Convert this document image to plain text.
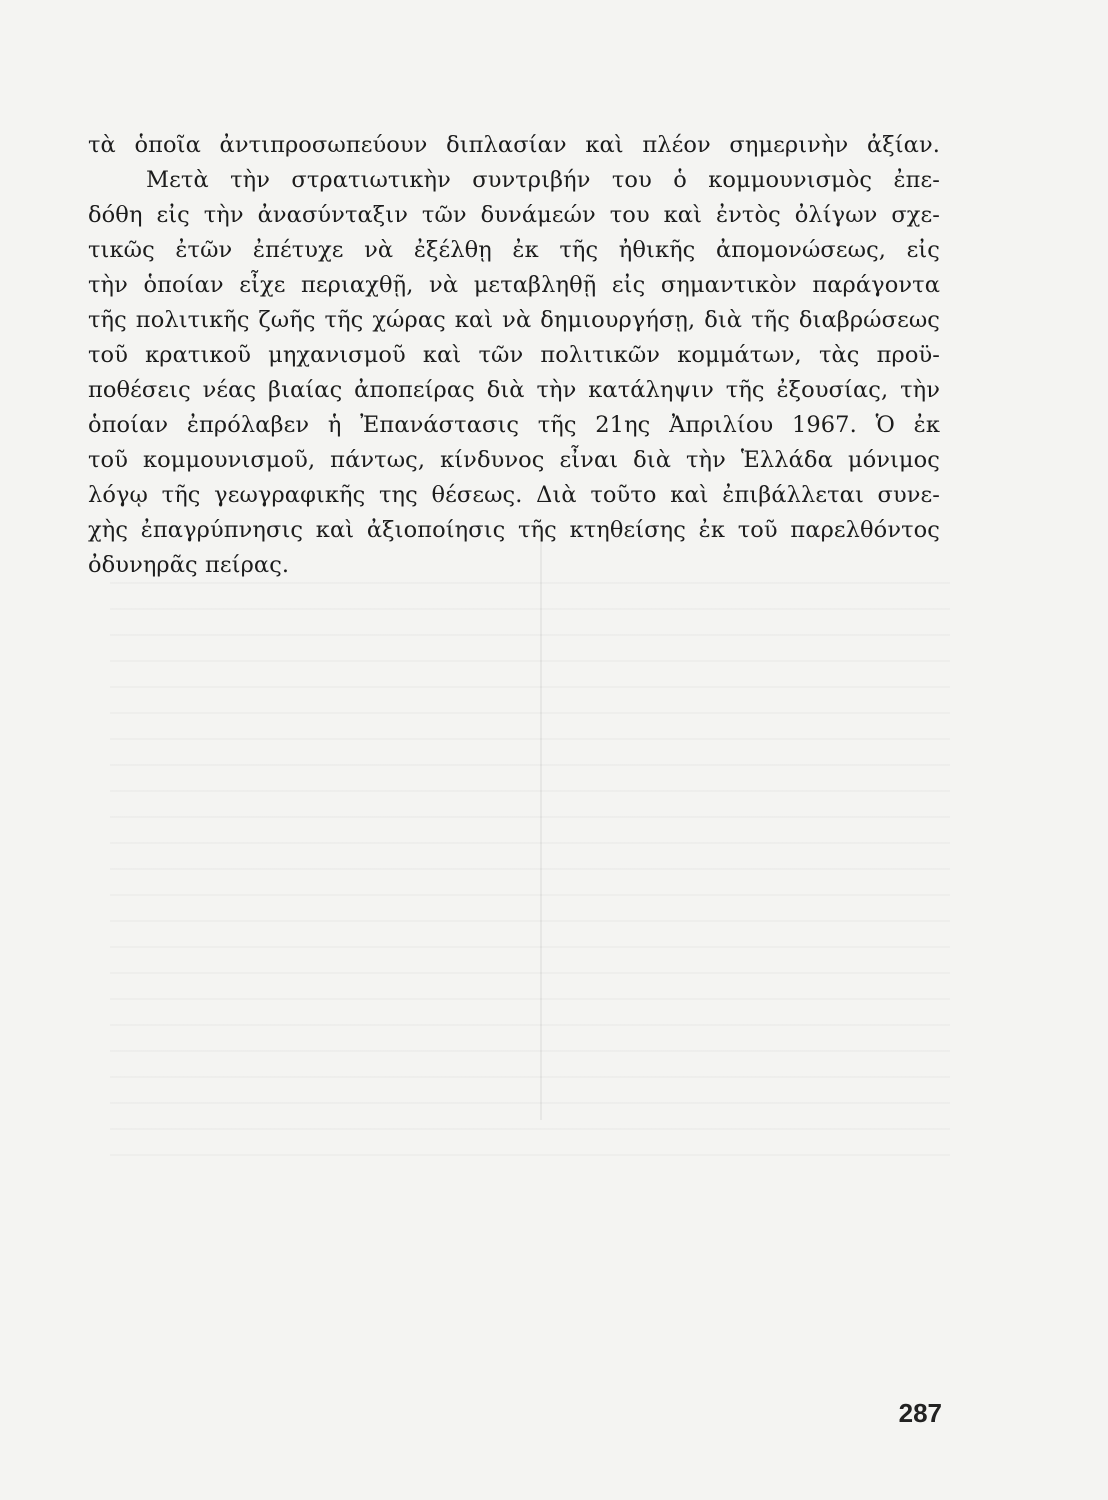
τὰ ὁποῖα ἀντιπροσωπεύουν διπλασίαν καὶ πλέον σημερινὴν ἀξίαν.
Μετὰ τὴν στρατιωτικὴν συντριβήν του ὁ κομμουνισμὸς ἐπε-
δόθη εἰς τὴν ἀνασύνταξιν τῶν δυνάμεών του καὶ ἐντὸς ὀλίγων σχε-
τικῶς ἐτῶν ἐπέτυχε νὰ ἐξέλθῃ ἐκ τῆς ἠθικῆς ἀπομονώσεως, εἰς
τὴν ὁποίαν εἶχε περιαχθῇ, νὰ μεταβληθῇ εἰς σημαντικὸν παράγοντα
τῆς πολιτικῆς ζωῆς τῆς χώρας καὶ νὰ δημιουργήσῃ, διὰ τῆς διαβρώσεως
τοῦ κρατικοῦ μηχανισμοῦ καὶ τῶν πολιτικῶν κομμάτων, τὰς προϋ-
ποθέσεις νέας βιαίας ἀποπείρας διὰ τὴν κατάληψιν τῆς ἐξουσίας, τὴν
ὁποίαν ἐπρόλαβεν ἡ Ἐπανάστασις τῆς 21ης Ἀπριλίου 1967. Ὁ ἐκ
τοῦ κομμουνισμοῦ, πάντως, κίνδυνος εἶναι διὰ τὴν Ἑλλάδα μόνιμος
λόγῳ τῆς γεωγραφικῆς της θέσεως. Διὰ τοῦτο καὶ ἐπιβάλλεται συνε-
χὴς ἐπαγρύπνησις καὶ ἀξιοποίησις τῆς κτηθείσης ἐκ τοῦ παρελθόντος
ὀδυνηρᾶς πείρας.
287
